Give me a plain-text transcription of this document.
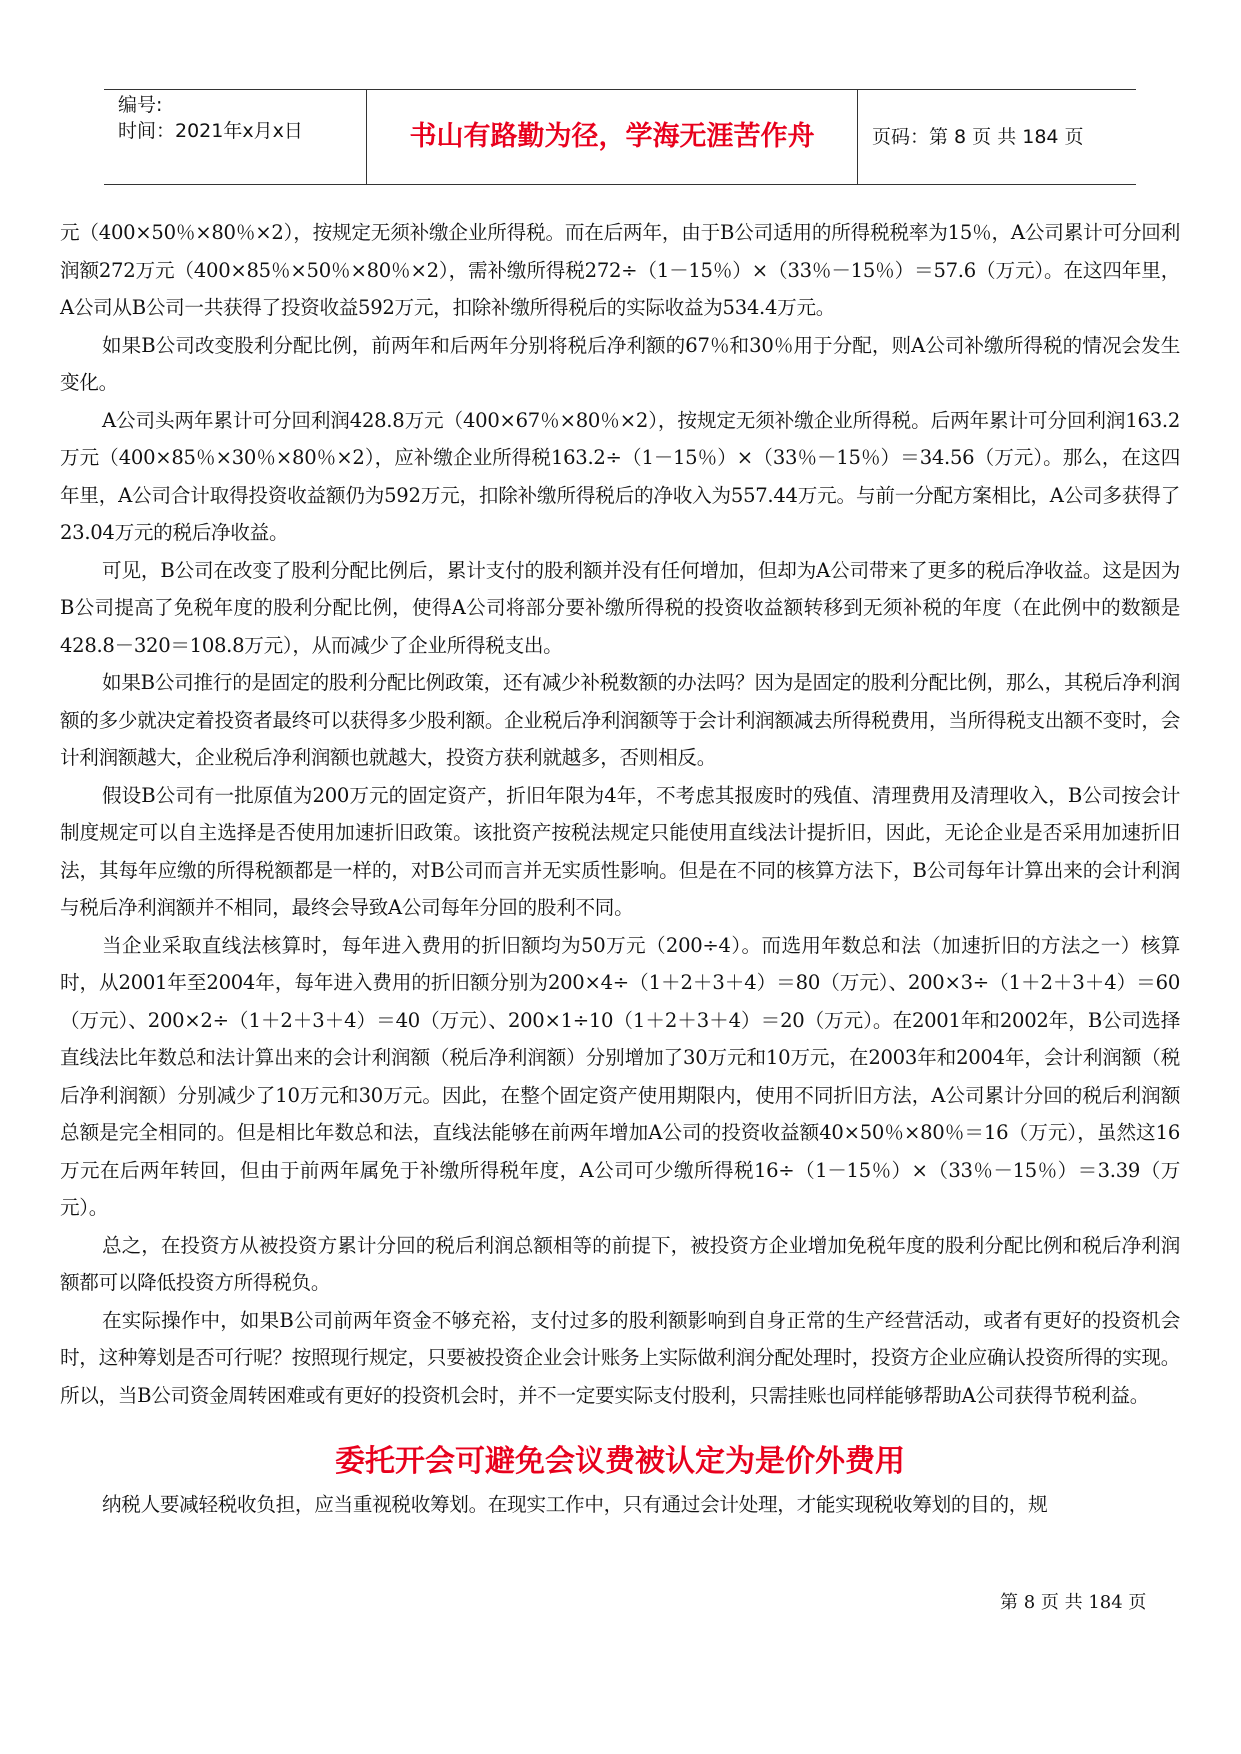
编号:
时间：2021年x月x日	书山有路勤为径，学海无涯苦作舟	页码：第 8 页 共 184 页

元（400×50％×80％×2），按规定无须补缴企业所得税。而在后两年，由于B公司适用的所得税税率为15％，A公司累计可分回利润额272万元（400×85％×50％×80％×2），需补缴所得税272÷（1－15％）×（33％－15％）＝57.6（万元）。在这四年里，A公司从B公司一共获得了投资收益592万元，扣除补缴所得税后的实际收益为534.4万元。

如果B公司改变股利分配比例，前两年和后两年分别将税后净利额的67％和30％用于分配，则A公司补缴所得税的情况会发生变化。

A公司头两年累计可分回利润428.8万元（400×67％×80％×2），按规定无须补缴企业所得税。后两年累计可分回利润163.2万元（400×85％×30％×80％×2），应补缴企业所得税163.2÷（1－15％）×（33％－15％）＝34.56（万元）。那么，在这四年里，A公司合计取得投资收益额仍为592万元，扣除补缴所得税后的净收入为557.44万元。与前一分配方案相比，A公司多获得了23.04万元的税后净收益。

可见，B公司在改变了股利分配比例后，累计支付的股利额并没有任何增加，但却为A公司带来了更多的税后净收益。这是因为B公司提高了免税年度的股利分配比例，使得A公司将部分要补缴所得税的投资收益额转移到无须补税的年度（在此例中的数额是428.8－320＝108.8万元），从而减少了企业所得税支出。

如果B公司推行的是固定的股利分配比例政策，还有减少补税数额的办法吗？因为是固定的股利分配比例，那么，其税后净利润额的多少就决定着投资者最终可以获得多少股利额。企业税后净利润额等于会计利润额减去所得税费用，当所得税支出额不变时，会计利润额越大，企业税后净利润额也就越大，投资方获利就越多，否则相反。

假设B公司有一批原值为200万元的固定资产，折旧年限为4年，不考虑其报废时的残值、清理费用及清理收入，B公司按会计制度规定可以自主选择是否使用加速折旧政策。该批资产按税法规定只能使用直线法计提折旧，因此，无论企业是否采用加速折旧法，其每年应缴的所得税额都是一样的，对B公司而言并无实质性影响。但是在不同的核算方法下，B公司每年计算出来的会计利润与税后净利润额并不相同，最终会导致A公司每年分回的股利不同。

当企业采取直线法核算时，每年进入费用的折旧额均为50万元（200÷4）。而选用年数总和法（加速折旧的方法之一）核算时，从2001年至2004年，每年进入费用的折旧额分别为200×4÷（1＋2＋3＋4）＝80（万元）、200×3÷（1＋2＋3＋4）＝60（万元）、200×2÷（1＋2＋3＋4）＝40（万元）、200×1÷10（1＋2＋3＋4）＝20（万元）。在2001年和2002年，B公司选择直线法比年数总和法计算出来的会计利润额（税后净利润额）分别增加了30万元和10万元，在2003年和2004年，会计利润额（税后净利润额）分别减少了10万元和30万元。因此，在整个固定资产使用期限内，使用不同折旧方法，A公司累计分回的税后利润额总额是完全相同的。但是相比年数总和法，直线法能够在前两年增加A公司的投资收益额40×50％×80％＝16（万元），虽然这16万元在后两年转回，但由于前两年属免于补缴所得税年度，A公司可少缴所得税16÷（1－15％）×（33％－15％）＝3.39（万元）。

总之，在投资方从被投资方累计分回的税后利润总额相等的前提下，被投资方企业增加免税年度的股利分配比例和税后净利润额都可以降低投资方所得税负。

在实际操作中，如果B公司前两年资金不够充裕，支付过多的股利额影响到自身正常的生产经营活动，或者有更好的投资机会时，这种筹划是否可行呢？按照现行规定，只要被投资企业会计账务上实际做利润分配处理时，投资方企业应确认投资所得的实现。所以，当B公司资金周转困难或有更好的投资机会时，并不一定要实际支付股利，只需挂账也同样能够帮助A公司获得节税利益。

委托开会可避免会议费被认定为是价外费用

纳税人要减轻税收负担，应当重视税收筹划。在现实工作中，只有通过会计处理，才能实现税收筹划的目的，规

第 8 页 共 184 页
